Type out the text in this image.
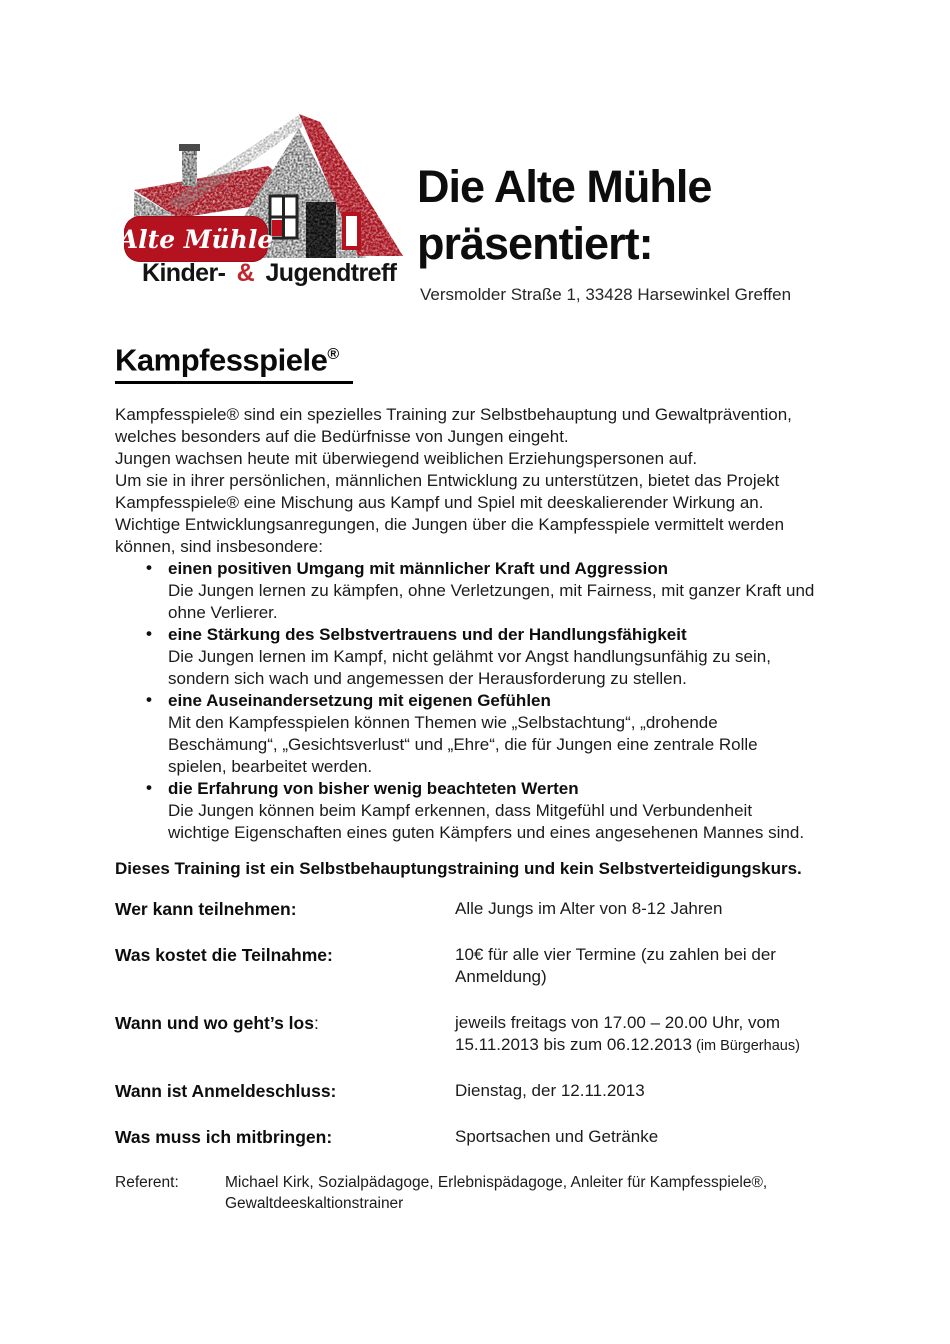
Alte Mühle
Kinder- & Jugendtreff
Die Alte Mühle
präsentiert:
Versmolder Straße 1, 33428 Harsewinkel Greffen
Kampfesspiele®

Kampfesspiele® sind ein spezielles Training zur Selbstbehauptung und Gewaltprävention, welches besonders auf die Bedürfnisse von Jungen eingeht.

Jungen wachsen heute mit überwiegend weiblichen Erziehungspersonen auf.

Um sie in ihrer persönlichen, männlichen Entwicklung zu unterstützen, bietet das Projekt Kampfesspiele® eine Mischung aus Kampf und Spiel mit deeskalierender Wirkung an.

Wichtige Entwicklungsanregungen, die Jungen über die Kampfesspiele vermittelt werden können, sind insbesondere:

• einen positiven Umgang mit männlicher Kraft und Aggression
Die Jungen lernen zu kämpfen, ohne Verletzungen, mit Fairness, mit ganzer Kraft und ohne Verlierer.
• eine Stärkung des Selbstvertrauens und der Handlungsfähigkeit
Die Jungen lernen im Kampf, nicht gelähmt vor Angst handlungsunfähig zu sein, sondern sich wach und angemessen der Herausforderung zu stellen.
• eine Auseinandersetzung mit eigenen Gefühlen
Mit den Kampfesspielen können Themen wie „Selbstachtung“, „drohende Beschämung“, „Gesichtsverlust“ und „Ehre“, die für Jungen eine zentrale Rolle spielen, bearbeitet werden.
• die Erfahrung von bisher wenig beachteten Werten
Die Jungen können beim Kampf erkennen, dass Mitgefühl und Verbundenheit wichtige Eigenschaften eines guten Kämpfers und eines angesehenen Mannes sind.

Dieses Training ist ein Selbstbehauptungstraining und kein Selbstverteidigungskurs.

Wer kann teilnehmen:	Alle Jungs im Alter von 8-12 Jahren
Was kostet die Teilnahme:	10€ für alle vier Termine (zu zahlen bei der Anmeldung)
Wann und wo geht’s los:	jeweils freitags von 17.00 – 20.00 Uhr, vom 15.11.2013 bis zum 06.12.2013 (im Bürgerhaus)
Wann ist Anmeldeschluss:	Dienstag, der 12.11.2013
Was muss ich mitbringen:	Sportsachen und Getränke
Referent:	Michael Kirk, Sozialpädagoge, Erlebnispädagoge, Anleiter für Kampfesspiele®, Gewaltdeeskaltionstrainer
